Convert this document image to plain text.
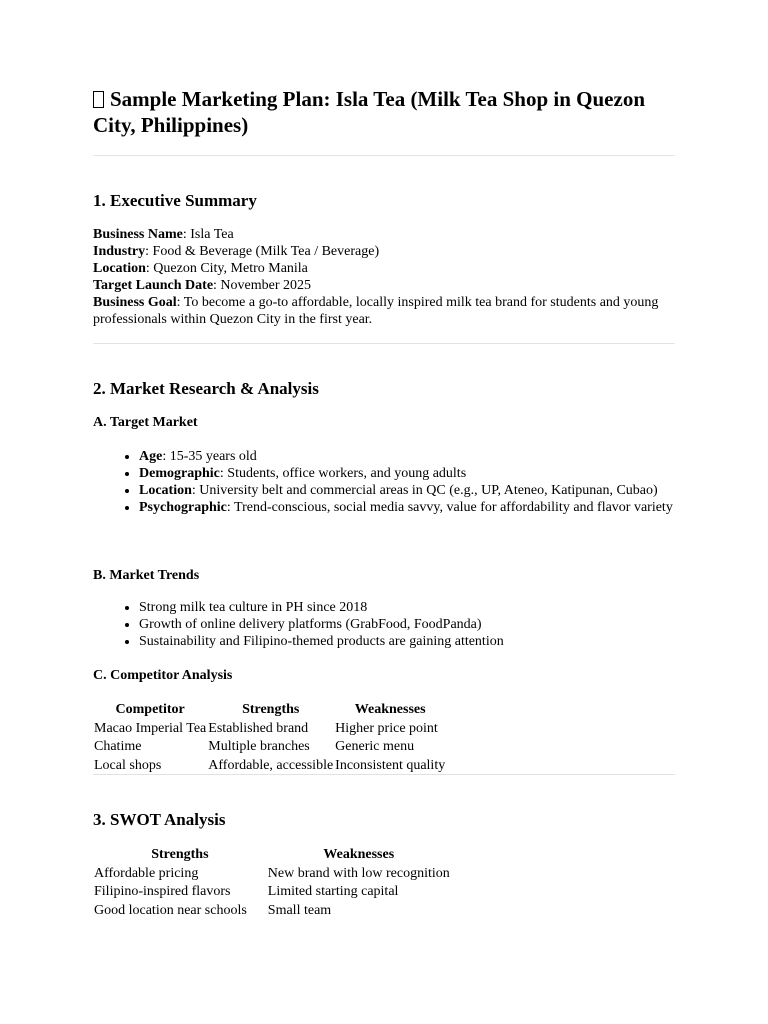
Sample Marketing Plan: Isla Tea (Milk Tea Shop in Quezon City, Philippines)
1. Executive Summary

Business Name: Isla Tea

Industry: Food & Beverage (Milk Tea / Beverage)

Location: Quezon City, Metro Manila

Target Launch Date: November 2025

Business Goal: To become a go-to affordable, locally inspired milk tea brand for students and young professionals within Quezon City in the first year.

2. Market Research & Analysis
A. Target Market
• Age: 15-35 years old
• Demographic: Students, office workers, and young adults
• Location: University belt and commercial areas in QC (e.g., UP, Ateneo, Katipunan, Cubao)
• Psychographic: Trend-conscious, social media savvy, value for affordability and flavor variety
B. Market Trends
• Strong milk tea culture in PH since 2018
• Growth of online delivery platforms (GrabFood, FoodPanda)
• Sustainability and Filipino-themed products are gaining attention
C. Competitor Analysis
Competitor	Strengths	Weaknesses
Macao Imperial Tea	Established brand	Higher price point
Chatime	Multiple branches	Generic menu
Local shops	Affordable, accessible	Inconsistent quality
3. SWOT Analysis
Strengths	Weaknesses
Affordable pricing	New brand with low recognition
Filipino-inspired flavors	Limited starting capital
Good location near schools	Small team
